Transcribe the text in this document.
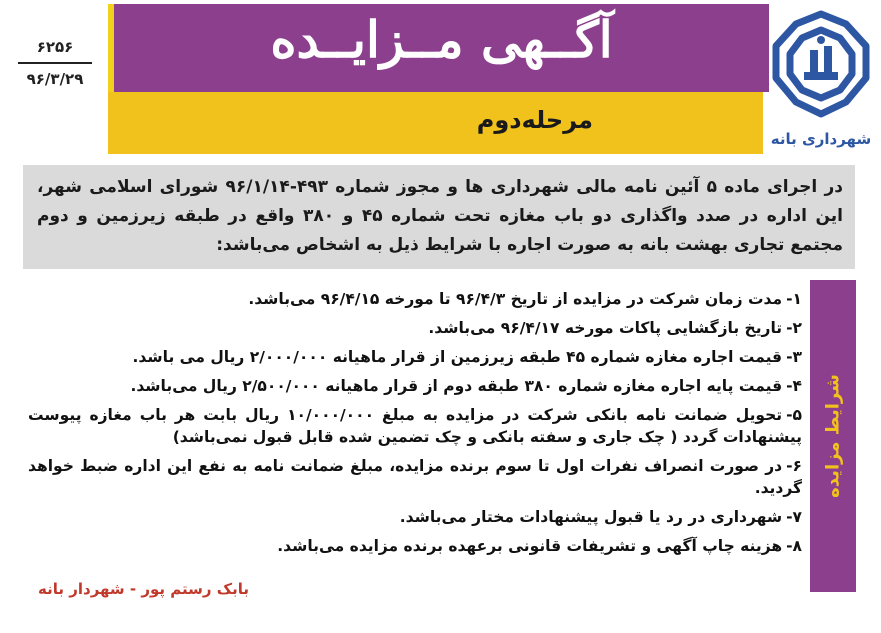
۶۲۵۶
۹۶/۳/۲۹
آگــهی مــزایــده
مرحله‌دوم
شهرداری بانه
در اجرای ماده ۵ آئین نامه مالی شهرداری ها و مجوز شماره ۴۹۳-۹۶/۱/۱۴ شورای اسلامی شهر، این اداره در صدد واگذاری دو باب مغازه تحت شماره ۴۵ و ۳۸۰ واقع در طبقه زیرزمین و دوم مجتمع تجاری بهشت بانه به صورت اجاره با شرایط ذیل به اشخاص می‌باشد:
شرایط مزایده
۱-مدت زمان شرکت در مزایده از تاریخ ۹۶/۴/۳ تا مورخه ۹۶/۴/۱۵ می‌باشد.
۲-تاریخ بازگشایی پاکات مورخه ۹۶/۴/۱۷ می‌باشد.
۳-قیمت اجاره مغازه شماره ۴۵ طبقه زیرزمین از قرار ماهیانه ۲/۰۰۰/۰۰۰ ریال می باشد.
۴-قیمت پایه اجاره مغازه شماره ۳۸۰ طبقه دوم از قرار ماهیانه ۲/۵۰۰/۰۰۰ ریال می‌باشد.
۵-تحویل ضمانت نامه بانکی شرکت در مزایده به مبلغ ۱۰/۰۰۰/۰۰۰ ریال بابت هر باب مغازه پیوست پیشنهادات گردد ( چک جاری و سفته بانکی و چک تضمین شده قابل قبول نمی‌باشد)
۶-در صورت انصراف نفرات اول تا سوم برنده مزایده، مبلغ ضمانت نامه به نفع این اداره ضبط خواهد گردید.
۷-شهرداری در رد یا قبول پیشنهادات مختار می‌باشد.
۸-هزینه چاپ آگهی و تشریفات قانونی برعهده برنده مزایده می‌باشد.
بابک رستم پور - شهردار بانه
